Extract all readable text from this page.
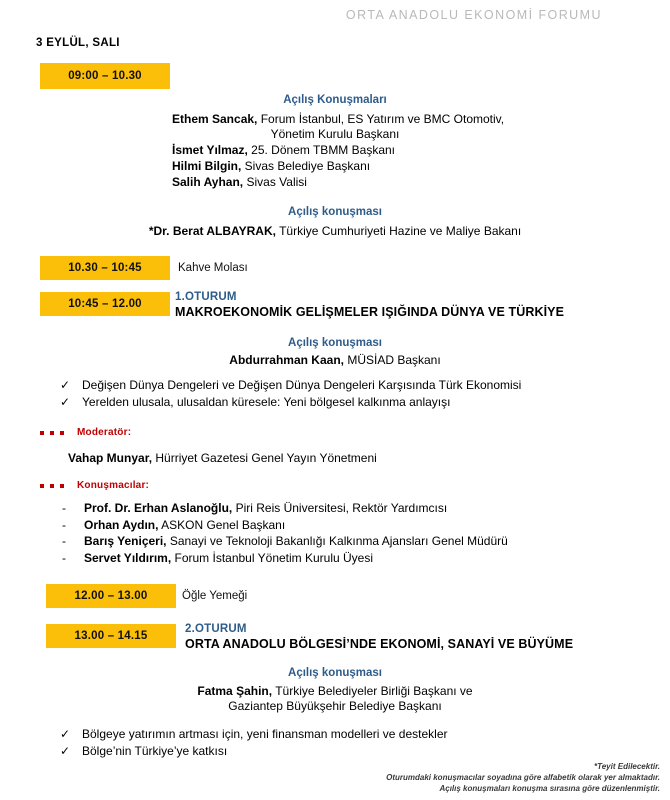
ORTA ANADOLU EKONOMİ FORUMU
3 EYLÜL, SALI
09:00 – 10.30
Açılış Konuşmaları
Ethem Sancak, Forum İstanbul, ES Yatırım ve BMC Otomotiv,
Yönetim Kurulu Başkanı
İsmet Yılmaz, 25. Dönem TBMM Başkanı
Hilmi Bilgin, Sivas Belediye Başkanı
Salih Ayhan, Sivas Valisi
Açılış konuşması
*Dr. Berat ALBAYRAK, Türkiye Cumhuriyeti Hazine ve Maliye Bakanı
10.30 – 10:45	Kahve Molası
10:45 – 12.00
1.OTURUM
MAKROEKONOMİK GELİŞMELER IŞIĞINDA DÜNYA VE TÜRKİYE
Açılış konuşması
Abdurrahman Kaan, MÜSİAD Başkanı
✓ Değişen Dünya Dengeleri ve Değişen Dünya Dengeleri Karşısında Türk Ekonomisi
✓ Yerelden ulusala, ulusaldan küresele: Yeni bölgesel kalkınma anlayışı
Moderatör:
Vahap Munyar, Hürriyet Gazetesi Genel Yayın Yönetmeni
Konuşmacılar:
-	Prof. Dr. Erhan Aslanoğlu, Piri Reis Üniversitesi, Rektör Yardımcısı
-	Orhan Aydın, ASKON Genel Başkanı
-	Barış Yeniçeri, Sanayi ve Teknoloji Bakanlığı Kalkınma Ajansları Genel Müdürü
-	Servet Yıldırım, Forum İstanbul Yönetim Kurulu Üyesi
12.00 – 13.00	Öğle Yemeği
13.00 – 14.15
2.OTURUM
ORTA ANADOLU BÖLGESİ’NDE EKONOMİ, SANAYİ VE BÜYÜME
Açılış konuşması
Fatma Şahin, Türkiye Belediyeler Birliği Başkanı ve
Gaziantep Büyükşehir Belediye Başkanı
✓ Bölgeye yatırımın artması için, yeni finansman modelleri ve destekler
✓ Bölge’nin Türkiye’ye katkısı
*Teyit Edilecektir.
Oturumdaki konuşmacılar soyadına göre alfabetik olarak yer almaktadır.
Açılış konuşmaları konuşma sırasına göre düzenlenmiştir.
